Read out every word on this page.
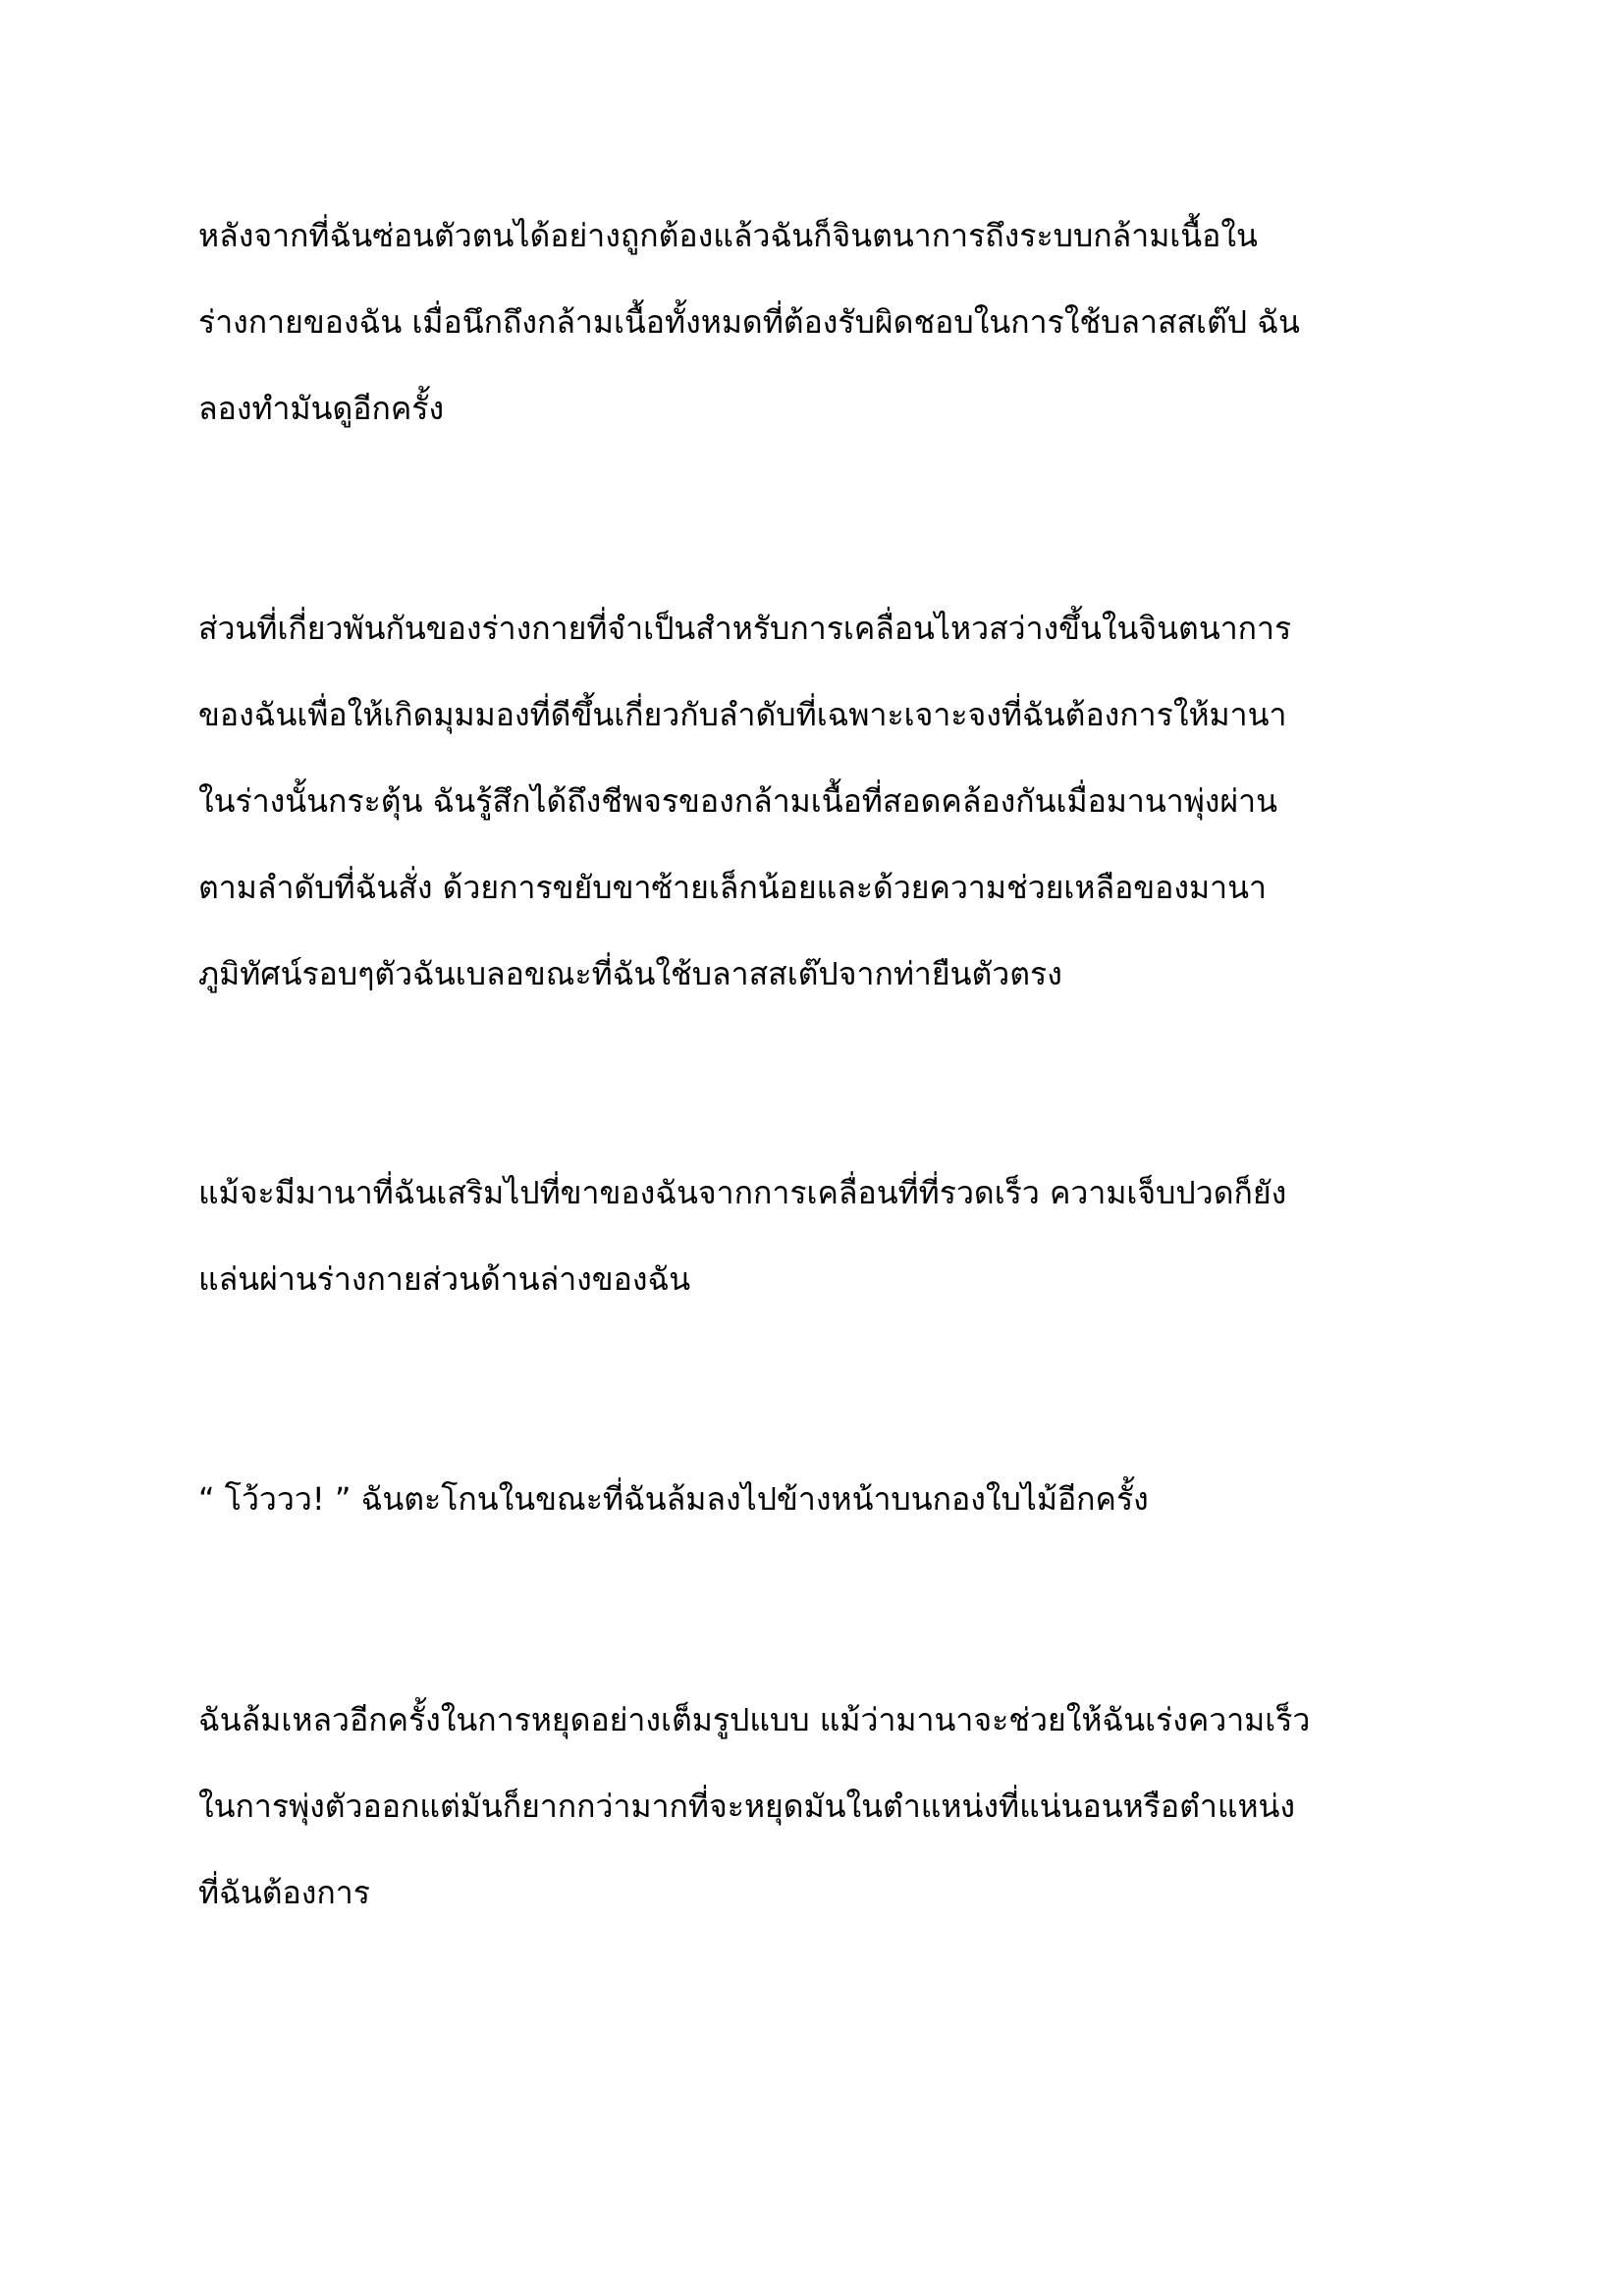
หลังจากที่ฉันซ่อนตัวตนได้อย่างถูกต้องแล้วฉันก็จินตนาการถึงระบบกล้ามเนื้อใน
ร่างกายของฉัน เมื่อนึกถึงกล้ามเนื้อทั้งหมดที่ต้องรับผิดชอบในการใช้บลาสสเต๊ป ฉัน
ลองทำมันดูอีกครั้ง
ส่วนที่เกี่ยวพันกันของร่างกายที่จำเป็นสำหรับการเคลื่อนไหวสว่างขึ้นในจินตนาการ
ของฉันเพื่อให้เกิดมุมมองที่ดีขึ้นเกี่ยวกับลำดับที่เฉพาะเจาะจงที่ฉันต้องการให้มานา
ในร่างนั้นกระตุ้น ฉันรู้สึกได้ถึงชีพจรของกล้ามเนื้อที่สอดคล้องกันเมื่อมานาพุ่งผ่าน
ตามลำดับที่ฉันสั่ง ด้วยการขยับขาซ้ายเล็กน้อยและด้วยความช่วยเหลือของมานา
ภูมิทัศน์รอบๆตัวฉันเบลอขณะที่ฉันใช้บลาสสเต๊ปจากท่ายืนตัวตรง
แม้จะมีมานาที่ฉันเสริมไปที่ขาของฉันจากการเคลื่อนที่ที่รวดเร็ว ความเจ็บปวดก็ยัง
แล่นผ่านร่างกายส่วนด้านล่างของฉัน
“ โว้ววว! ” ฉันตะโกนในขณะที่ฉันล้มลงไปข้างหน้าบนกองใบไม้อีกครั้ง
ฉันล้มเหลวอีกครั้งในการหยุดอย่างเต็มรูปแบบ แม้ว่ามานาจะช่วยให้ฉันเร่งความเร็ว
ในการพุ่งตัวออกแต่มันก็ยากกว่ามากที่จะหยุดมันในตำแหน่งที่แน่นอนหรือตำแหน่ง
ที่ฉันต้องการ
